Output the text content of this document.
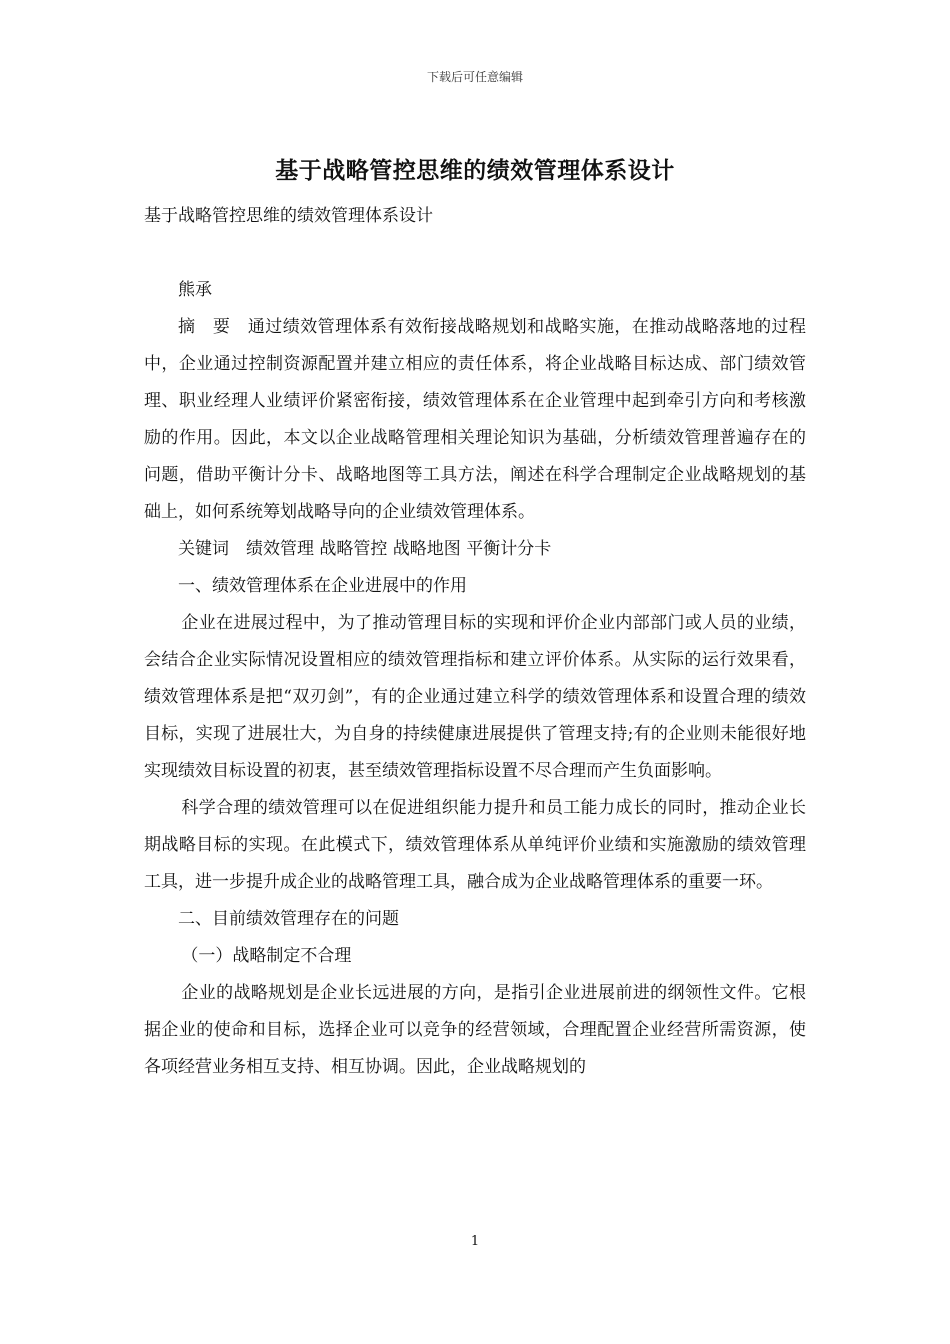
下载后可任意编辑
基于战略管控思维的绩效管理体系设计

基于战略管控思维的绩效管理体系设计

熊承

摘　要　通过绩效管理体系有效衔接战略规划和战略实施，在推动战略落地的过程中，企业通过控制资源配置并建立相应的责任体系，将企业战略目标达成、部门绩效管理、职业经理人业绩评价紧密衔接，绩效管理体系在企业管理中起到牵引方向和考核激励的作用。因此，本文以企业战略管理相关理论知识为基础，分析绩效管理普遍存在的问题，借助平衡计分卡、战略地图等工具方法，阐述在科学合理制定企业战略规划的基础上，如何系统筹划战略导向的企业绩效管理体系。

关键词　绩效管理 战略管控 战略地图 平衡计分卡

一、绩效管理体系在企业进展中的作用

企业在进展过程中，为了推动管理目标的实现和评价企业内部部门或人员的业绩，会结合企业实际情况设置相应的绩效管理指标和建立评价体系。从实际的运行效果看，绩效管理体系是把“双刃剑”，有的企业通过建立科学的绩效管理体系和设置合理的绩效目标，实现了进展壮大，为自身的持续健康进展提供了管理支持;有的企业则未能很好地实现绩效目标设置的初衷，甚至绩效管理指标设置不尽合理而产生负面影响。

科学合理的绩效管理可以在促进组织能力提升和员工能力成长的同时，推动企业长期战略目标的实现。在此模式下，绩效管理体系从单纯评价业绩和实施激励的绩效管理工具，进一步提升成企业的战略管理工具，融合成为企业战略管理体系的重要一环。

二、目前绩效管理存在的问题

（一）战略制定不合理

企业的战略规划是企业长远进展的方向，是指引企业进展前进的纲领性文件。它根据企业的使命和目标，选择企业可以竞争的经营领域，合理配置企业经营所需资源，使各项经营业务相互支持、相互协调。因此，企业战略规划的

1
